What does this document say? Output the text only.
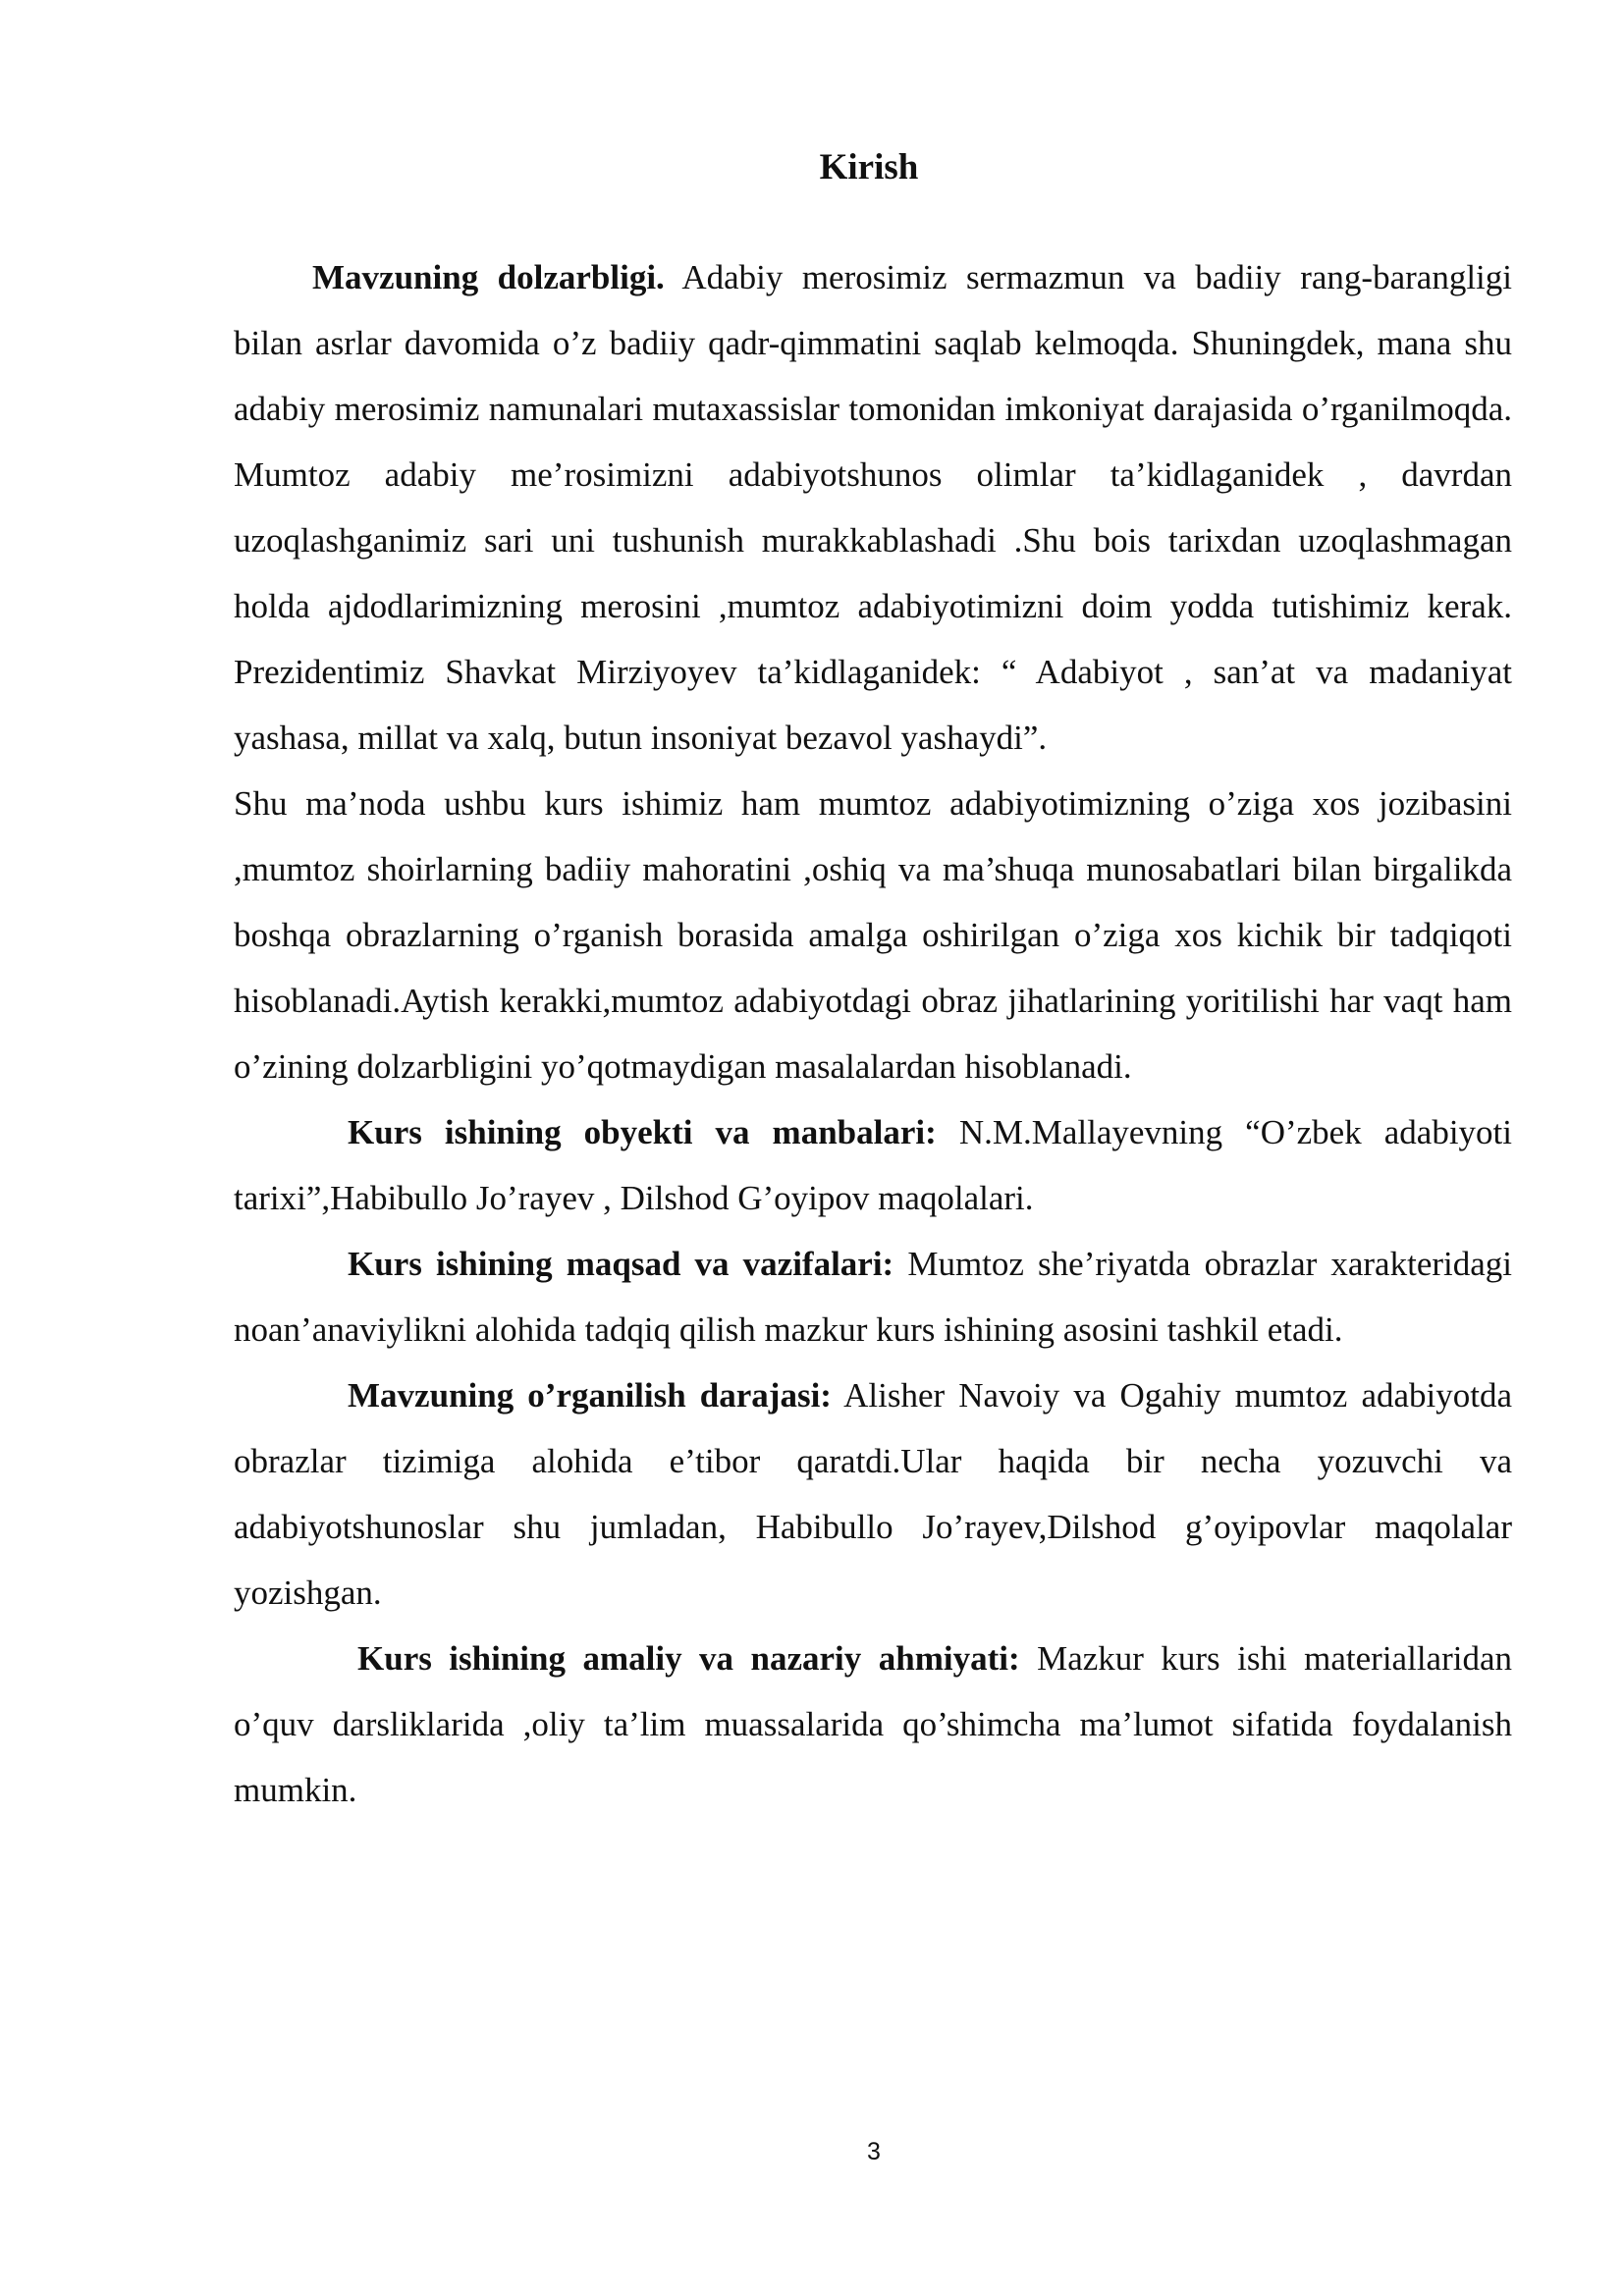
Kirish

Mavzuning dolzarbligi. Adabiy merosimiz sermazmun va badiiy rang-barangligi bilan asrlar davomida o’z badiiy qadr-qimmatini saqlab kelmoqda. Shuningdek, mana shu adabiy merosimiz namunalari mutaxassislar tomonidan imkoniyat darajasida o’rganilmoqda. Mumtoz adabiy me’rosimizni adabiyotshunos olimlar ta’kidlaganidek , davrdan uzoqlashganimiz sari uni tushunish murakkablashadi .Shu bois tarixdan uzoqlashmagan holda ajdodlarimizning merosini ,mumtoz adabiyotimizni doim yodda tutishimiz kerak. Prezidentimiz Shavkat Mirziyoyev ta’kidlaganidek: “ Adabiyot , san’at va madaniyat yashasa, millat va xalq, butun insoniyat bezavol yashaydi”.

Shu ma’noda ushbu kurs ishimiz ham mumtoz adabiyotimizning o’ziga xos jozibasini ,mumtoz shoirlarning badiiy mahoratini ,oshiq va ma’shuqa munosabatlari bilan birgalikda boshqa obrazlarning o’rganish borasida amalga oshirilgan o’ziga xos kichik bir tadqiqoti hisoblanadi.Aytish kerakki,mumtoz adabiyotdagi obraz jihatlarining yoritilishi har vaqt ham o’zining dolzarbligini yo’qotmaydigan masalalardan hisoblanadi.

Kurs ishining obyekti va manbalari: N.M.Mallayevning “O’zbek adabiyoti tarixi”,Habibullo Jo’rayev , Dilshod G’oyipov maqolalari.

Kurs ishining maqsad va vazifalari: Mumtoz she’riyatda obrazlar xarakteridagi noan’anaviylikni alohida tadqiq qilish mazkur kurs ishining asosini tashkil etadi.

Mavzuning o’rganilish darajasi: Alisher Navoiy va Ogahiy mumtoz adabiyotda obrazlar tizimiga alohida e’tibor qaratdi.Ular haqida bir necha yozuvchi va adabiyotshunoslar shu jumladan, Habibullo Jo’rayev,Dilshod g’oyipovlar maqolalar yozishgan.

Kurs ishining amaliy va nazariy ahmiyati: Mazkur kurs ishi materiallaridan o’quv darsliklarida ,oliy ta’lim muassalarida qo’shimcha ma’lumot sifatida foydalanish mumkin.

3
